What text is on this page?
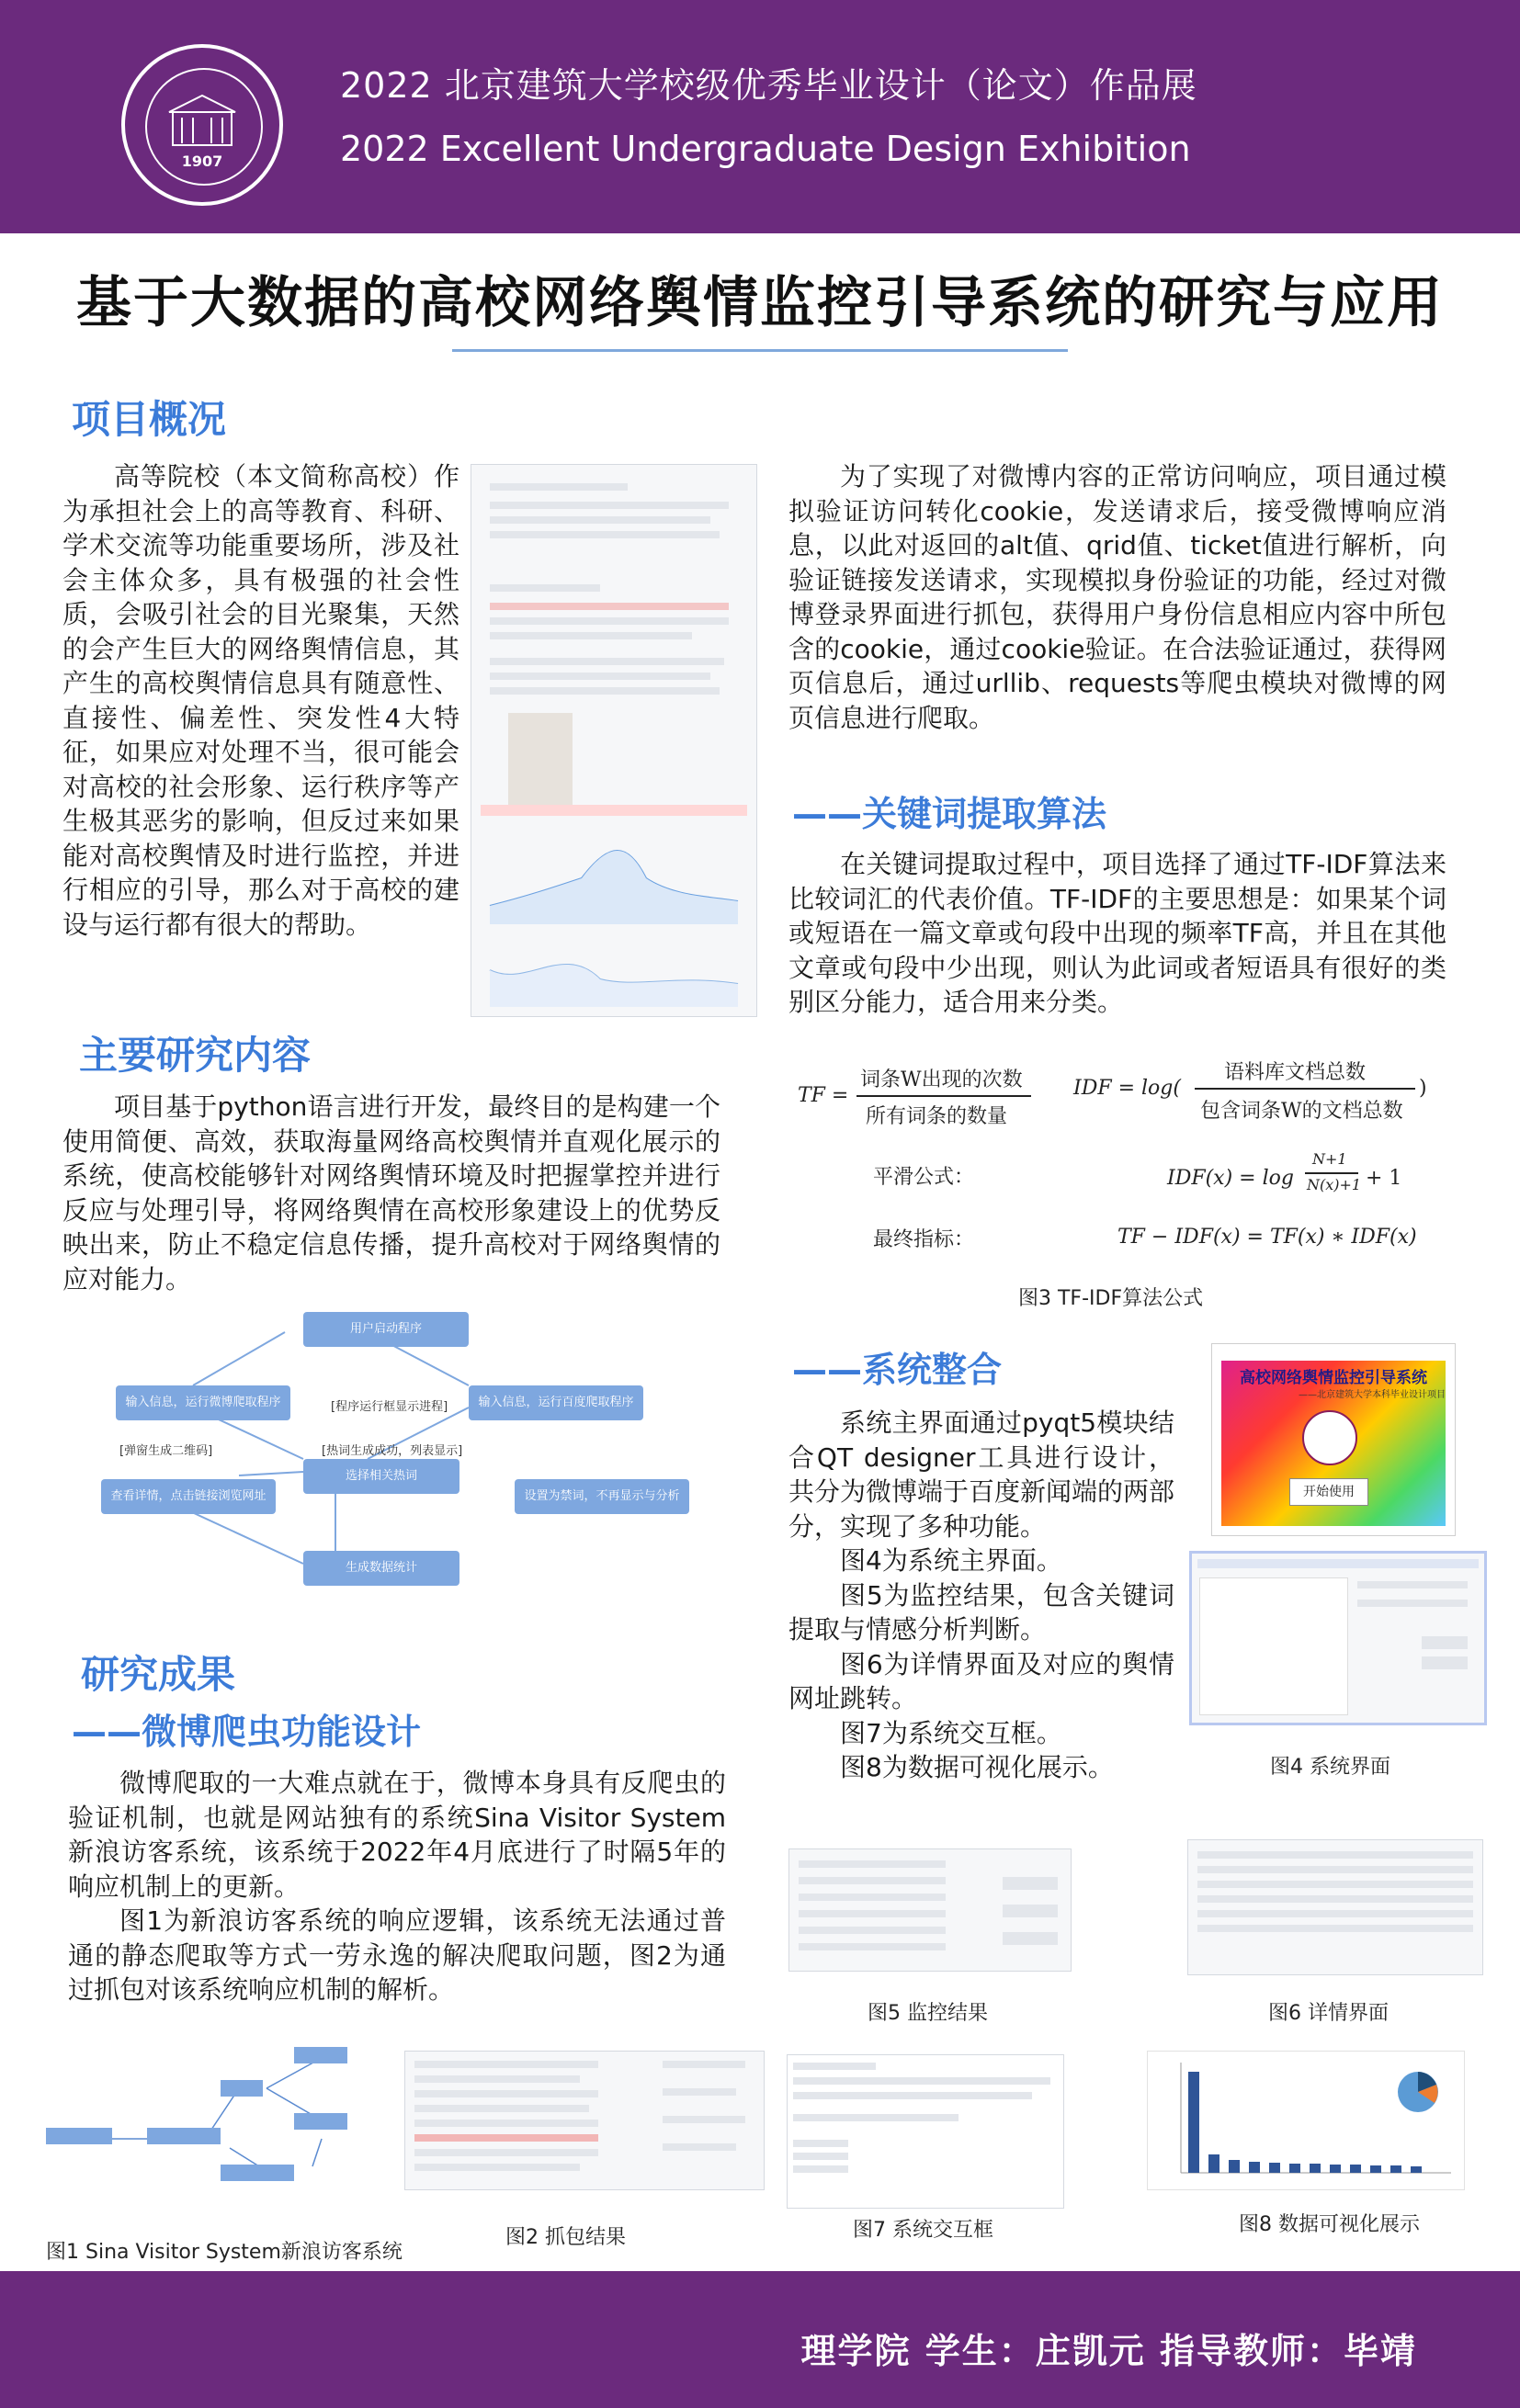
1907
2022 北京建筑大学校级优秀毕业设计（论文）作品展
2022 Excellent Undergraduate Design Exhibition
基于大数据的高校网络舆情监控引导系统的研究与应用
项目概况
高等院校（本文简称高校）作为承担社会上的高等教育、科研、学术交流等功能重要场所，涉及社会主体众多，具有极强的社会性质，会吸引社会的目光聚集，天然的会产生巨大的网络舆情信息，其产生的高校舆情信息具有随意性、直接性、偏差性、突发性4大特征，如果应对处理不当，很可能会对高校的社会形象、运行秩序等产生极其恶劣的影响，但反过来如果能对高校舆情及时进行监控，并进行相应的引导，那么对于高校的建设与运行都有很大的帮助。
主要研究内容
项目基于python语言进行开发，最终目的是构建一个使用简便、高效，获取海量网络高校舆情并直观化展示的系统，使高校能够针对网络舆情环境及时把握掌控并进行反应与处理引导，将网络舆情在高校形象建设上的优势反映出来，防止不稳定信息传播，提升高校对于网络舆情的应对能力。
用户启动程序
输入信息，运行微博爬取程序	[程序运行框显示进程]	输入信息，运行百度爬取程序
[弹窗生成二维码]	[热词生成成功，列表显示]
选择相关热词
查看详情，点击链接浏览网址	设置为禁词，不再显示与分析
生成数据统计
研究成果
——微博爬虫功能设计
微博爬取的一大难点就在于，微博本身具有反爬虫的验证机制，也就是网站独有的系统Sina Visitor System新浪访客系统，该系统于2022年4月底进行了时隔5年的响应机制上的更新。
图1为新浪访客系统的响应逻辑，该系统无法通过普通的静态爬取等方式一劳永逸的解决爬取问题，图2为通过抓包对该系统响应机制的解析。
图1 Sina Visitor System新浪访客系统
图2 抓包结果
为了实现了对微博内容的正常访问响应，项目通过模拟验证访问转化cookie，发送请求后，接受微博响应消息，以此对返回的alt值、qrid值、ticket值进行解析，向验证链接发送请求，实现模拟身份验证的功能，经过对微博登录界面进行抓包，获得用户身份信息相应内容中所包含的cookie，通过cookie验证。在合法验证通过，获得网页信息后，通过urllib、requests等爬虫模块对微博的网页信息进行爬取。
——关键词提取算法
在关键词提取过程中，项目选择了通过TF-IDF算法来比较词汇的代表价值。TF-IDF的主要思想是：如果某个词或短语在一篇文章或句段中出现的频率TF高，并且在其他文章或句段中少出现，则认为此词或者短语具有很好的类别区分能力，适合用来分类。
TF =
词条W出现的次数
所有词条的数量
IDF = log(
语料库文档总数
包含词条W的文档总数
)
平滑公式：	IDF(x) = log
N+1
N(x)+1 + 1
最终指标：	TF − IDF(x) = TF(x) ∗ IDF(x)
图3 TF-IDF算法公式
——系统整合
系统主界面通过pyqt5模块结合QT designer工具进行设计，共分为微博端于百度新闻端的两部分，实现了多种功能。
图4为系统主界面。
图5为监控结果，包含关键词提取与情感分析判断。
图6为详情界面及对应的舆情网址跳转。
图7为系统交互框。
图8为数据可视化展示。
高校网络舆情监控引导系统
——北京建筑大学本科毕业设计项目
开始使用
图4 系统界面
图5 监控结果	图6 详情界面
图7 系统交互框	图8 数据可视化展示
理学院 学生：庄凯元 指导教师：毕靖
